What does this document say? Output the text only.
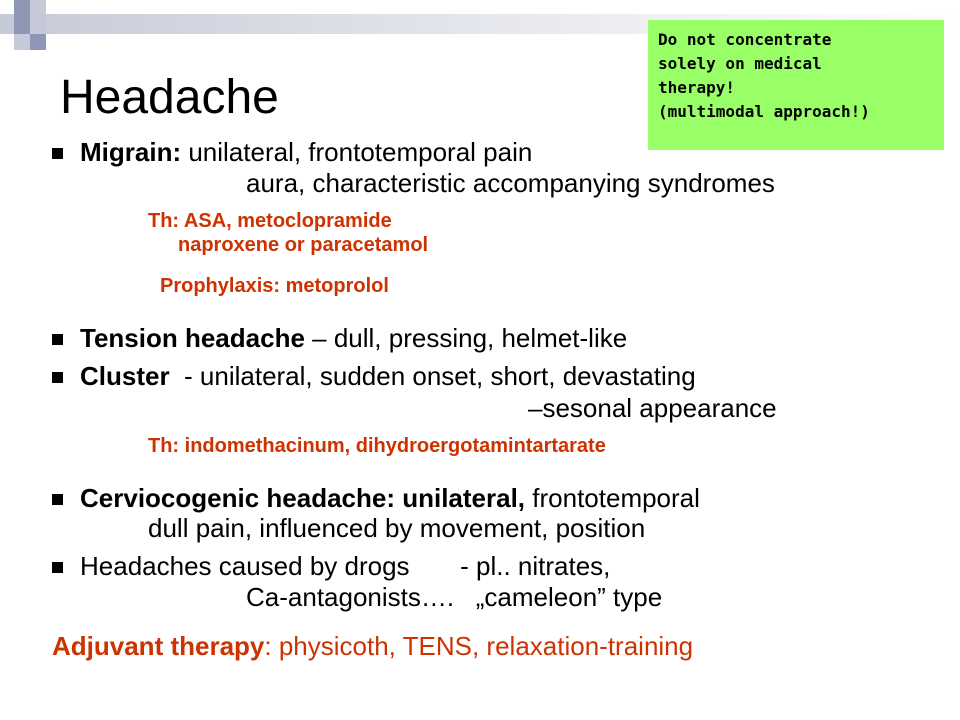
Headache
Do not concentrate
solely on medical
therapy!
(multimodal approach!)
Migrain: unilateral, frontotemporal pain
aura, characteristic accompanying syndromes
Th: ASA, metoclopramide
naproxene or paracetamol
Prophylaxis: metoprolol
Tension headache – dull, pressing, helmet-like
Cluster  - unilateral, sudden onset, short, devastating
–sesonal appearance
Th: indomethacinum, dihydroergotamintartarate
Cerviocogenic headache: unilateral, frontotemporal
dull pain, influenced by movement, position
Headaches caused by drogs       - pl.. nitrates,
Ca-antagonists….   „cameleon” type
Adjuvant therapy: physicoth, TENS, relaxation-training
